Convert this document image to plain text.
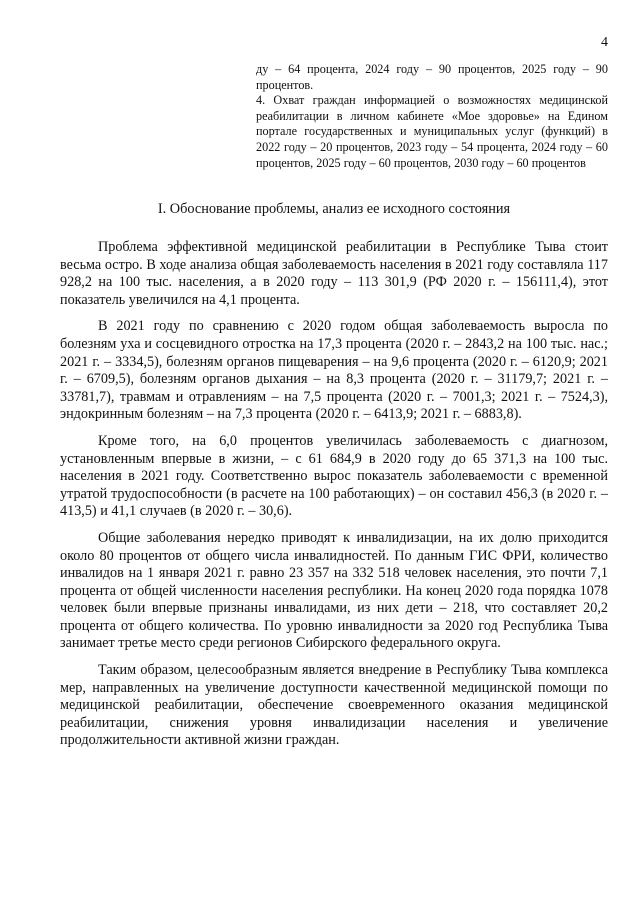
4

ду – 64 процента, 2024 году – 90 процентов, 2025 году – 90 процентов.

4. Охват граждан информацией о возможностях медицинской реабилитации в личном кабинете «Мое здоровье» на Едином портале государственных и муниципальных услуг (функций) в 2022 году – 20 процентов, 2023 году – 54 процента, 2024 году – 60 процентов, 2025 году – 60 процентов, 2030 году – 60 процентов

I. Обоснование проблемы, анализ ее исходного состояния

Проблема эффективной медицинской реабилитации в Республике Тыва стоит весьма остро. В ходе анализа общая заболеваемость населения в 2021 году составляла 117 928,2 на 100 тыс. населения, а в 2020 году – 113 301,9 (РФ 2020 г. – 156111,4), этот показатель увеличился на 4,1 процента.

В 2021 году по сравнению с 2020 годом общая заболеваемость выросла по болезням уха и сосцевидного отростка на 17,3 процента (2020 г. – 2843,2 на 100 тыс. нас.; 2021 г. – 3334,5), болезням органов пищеварения – на 9,6 процента (2020 г. – 6120,9; 2021 г. – 6709,5), болезням органов дыхания – на 8,3 процента (2020 г. – 31179,7; 2021 г. – 33781,7), травмам и отравлениям – на 7,5 процента (2020 г. – 7001,3; 2021 г. – 7524,3), эндокринным болезням – на 7,3 процента (2020 г. – 6413,9; 2021 г. – 6883,8).

Кроме того, на 6,0 процентов увеличилась заболеваемость с диагнозом, установленным впервые в жизни, – с 61 684,9 в 2020 году до 65 371,3 на 100 тыс. населения в 2021 году. Соответственно вырос показатель заболеваемости с временной утратой трудоспособности (в расчете на 100 работающих) – он составил 456,3 (в 2020 г. – 413,5) и 41,1 случаев (в 2020 г. – 30,6).

Общие заболевания нередко приводят к инвалидизации, на их долю приходится около 80 процентов от общего числа инвалидностей. По данным ГИС ФРИ, количество инвалидов на 1 января 2021 г. равно 23 357 на 332 518 человек населения, это почти 7,1 процента от общей численности населения республики. На конец 2020 года порядка 1078 человек были впервые признаны инвалидами, из них дети – 218, что составляет 20,2 процента от общего количества. По уровню инвалидности за 2020 год Республика Тыва занимает третье место среди регионов Сибирского федерального округа.

Таким образом, целесообразным является внедрение в Республику Тыва комплекса мер, направленных на увеличение доступности качественной медицинской помощи по медицинской реабилитации, обеспечение своевременного оказания медицинской реабилитации, снижения уровня инвалидизации населения и увеличение продолжительности активной жизни граждан.
